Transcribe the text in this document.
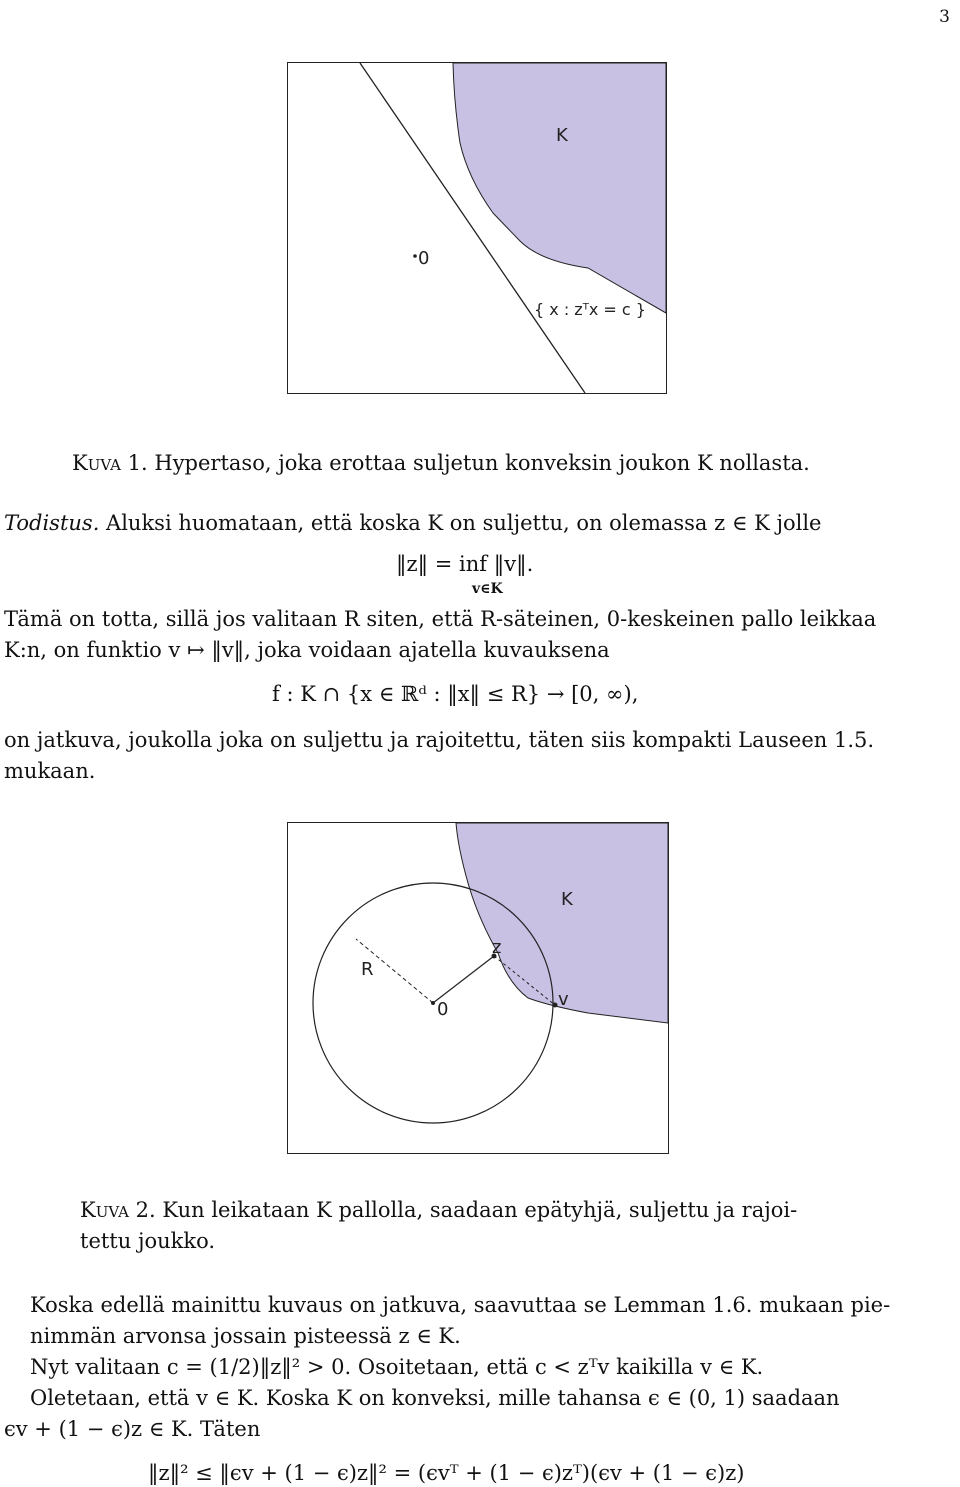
3
K
0
{ x : zᵀx = c }
Kuva 1. Hypertaso, joka erottaa suljetun konveksin joukon K nollasta.
Todistus. Aluksi huomataan, että koska K on suljettu, on olemassa z ∈ K jolle
‖z‖ = inf ‖v‖.
v∈K
Tämä on totta, sillä jos valitaan R siten, että R-säteinen, 0-keskeinen pallo leikkaa
K:n, on funktio v ↦ ‖v‖, joka voidaan ajatella kuvauksena
f : K ∩ {x ∈ ℝᵈ : ‖x‖ ≤ R} → [0, ∞),
on jatkuva, joukolla joka on suljettu ja rajoitettu, täten siis kompakti Lauseen 1.5.
mukaan.
K
R
z
v
0
Kuva 2. Kun leikataan K pallolla, saadaan epätyhjä, suljettu ja rajoi-
tettu joukko.
Koska edellä mainittu kuvaus on jatkuva, saavuttaa se Lemman 1.6. mukaan pie-
nimmän arvonsa jossain pisteessä z ∈ K.
Nyt valitaan c = (1/2)‖z‖² > 0. Osoitetaan, että c < zᵀv kaikilla v ∈ K.
Oletetaan, että v ∈ K. Koska K on konveksi, mille tahansa ϵ ∈ (0, 1) saadaan
ϵv + (1 − ϵ)z ∈ K. Täten
‖z‖² ≤ ‖ϵv + (1 − ϵ)z‖² = (ϵvᵀ + (1 − ϵ)zᵀ)(ϵv + (1 − ϵ)z)
